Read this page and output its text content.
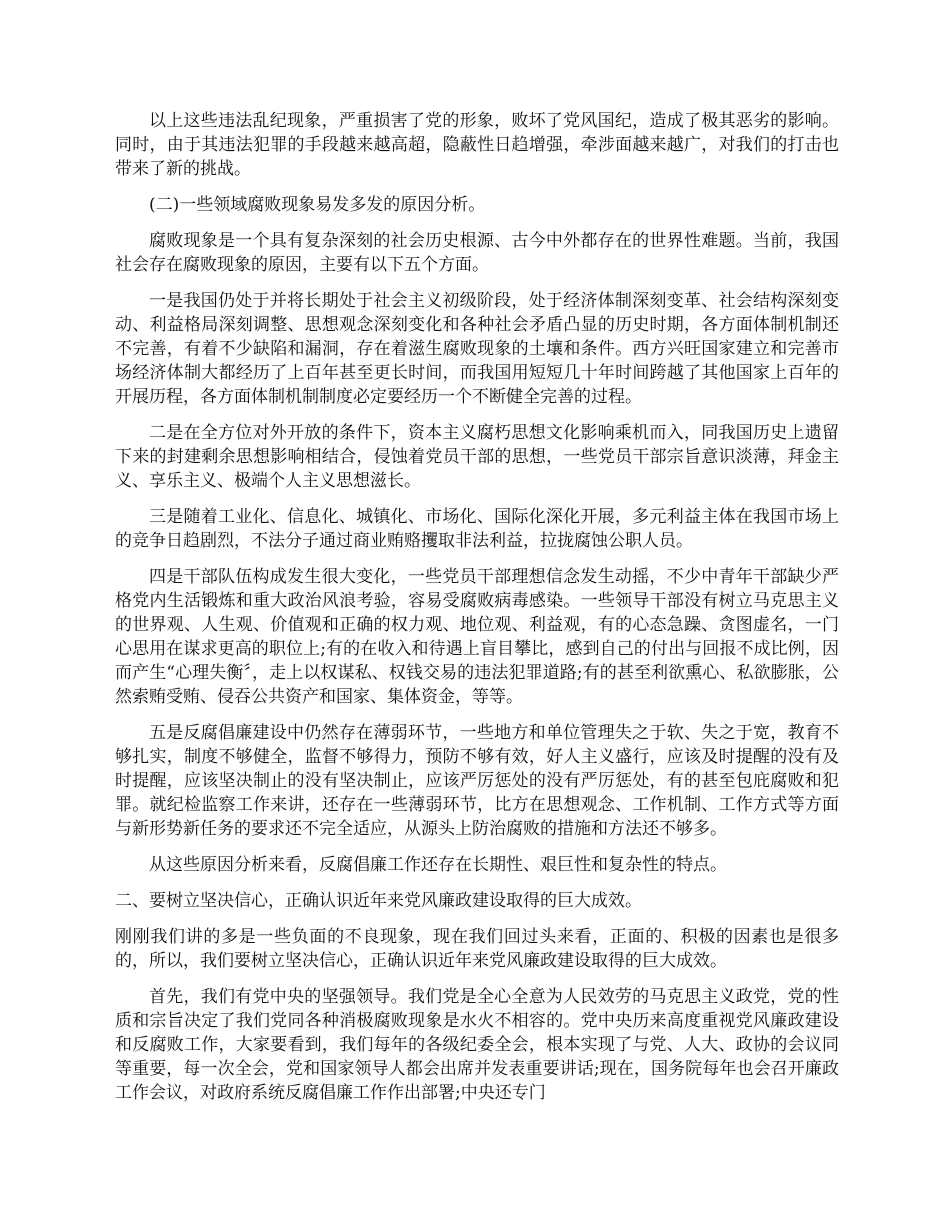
以上这些违法乱纪现象，严重损害了党的形象，败坏了党风国纪，造成了极其恶劣的影响。同时，由于其违法犯罪的手段越来越高超，隐蔽性日趋增强，牵涉面越来越广，对我们的打击也带来了新的挑战。

(二)一些领域腐败现象易发多发的原因分析。

腐败现象是一个具有复杂深刻的社会历史根源、古今中外都存在的世界性难题。当前，我国社会存在腐败现象的原因，主要有以下五个方面。

一是我国仍处于并将长期处于社会主义初级阶段，处于经济体制深刻变革、社会结构深刻变动、利益格局深刻调整、思想观念深刻变化和各种社会矛盾凸显的历史时期，各方面体制机制还不完善，有着不少缺陷和漏洞，存在着滋生腐败现象的土壤和条件。西方兴旺国家建立和完善市场经济体制大都经历了上百年甚至更长时间，而我国用短短几十年时间跨越了其他国家上百年的开展历程，各方面体制机制制度必定要经历一个不断健全完善的过程。

二是在全方位对外开放的条件下，资本主义腐朽思想文化影响乘机而入，同我国历史上遗留下来的封建剩余思想影响相结合，侵蚀着党员干部的思想，一些党员干部宗旨意识淡薄，拜金主义、享乐主义、极端个人主义思想滋长。

三是随着工业化、信息化、城镇化、市场化、国际化深化开展，多元利益主体在我国市场上的竞争日趋剧烈，不法分子通过商业贿赂攫取非法利益，拉拢腐蚀公职人员。

四是干部队伍构成发生很大变化，一些党员干部理想信念发生动摇，不少中青年干部缺少严格党内生活锻炼和重大政治风浪考验，容易受腐败病毒感染。一些领导干部没有树立马克思主义的世界观、人生观、价值观和正确的权力观、地位观、利益观，有的心态急躁、贪图虚名，一门心思用在谋求更高的职位上;有的在收入和待遇上盲目攀比，感到自己的付出与回报不成比例，因而产生“心理失衡〞，走上以权谋私、权钱交易的违法犯罪道路;有的甚至利欲熏心、私欲膨胀，公然索贿受贿、侵吞公共资产和国家、集体资金，等等。

五是反腐倡廉建设中仍然存在薄弱环节，一些地方和单位管理失之于软、失之于宽，教育不够扎实，制度不够健全，监督不够得力，预防不够有效，好人主义盛行，应该及时提醒的没有及时提醒，应该坚决制止的没有坚决制止，应该严厉惩处的没有严厉惩处，有的甚至包庇腐败和犯罪。就纪检监察工作来讲，还存在一些薄弱环节，比方在思想观念、工作机制、工作方式等方面与新形势新任务的要求还不完全适应，从源头上防治腐败的措施和方法还不够多。

从这些原因分析来看，反腐倡廉工作还存在长期性、艰巨性和复杂性的特点。

二、要树立坚决信心，正确认识近年来党风廉政建设取得的巨大成效。

刚刚我们讲的多是一些负面的不良现象，现在我们回过头来看，正面的、积极的因素也是很多的，所以，我们要树立坚决信心，正确认识近年来党风廉政建设取得的巨大成效。

首先，我们有党中央的坚强领导。我们党是全心全意为人民效劳的马克思主义政党，党的性质和宗旨决定了我们党同各种消极腐败现象是水火不相容的。党中央历来高度重视党风廉政建设和反腐败工作，大家要看到，我们每年的各级纪委全会，根本实现了与党、人大、政协的会议同等重要，每一次全会，党和国家领导人都会出席并发表重要讲话;现在，国务院每年也会召开廉政工作会议，对政府系统反腐倡廉工作作出部署;中央还专门
